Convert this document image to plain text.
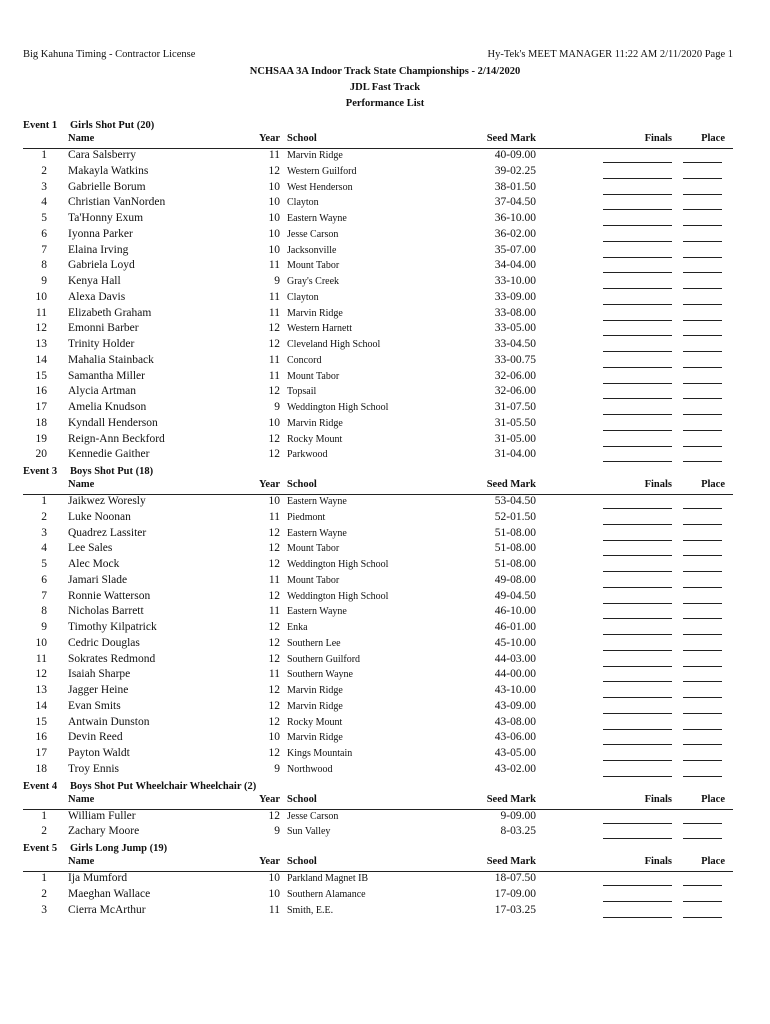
Big Kahuna Timing - Contractor License	Hy-Tek's MEET MANAGER 11:22 AM 2/11/2020 Page 1
NCHSAA 3A Indoor Track State Championships - 2/14/2020
JDL Fast Track
Performance List
Event 1 Girls Shot Put (20)
Name	Year School	Seed Mark	Finals	Place
1 Cara Salsberry	11 Marvin Ridge	40-09.00
2 Makayla Watkins	12 Western Guilford	39-02.25
3 Gabrielle Borum	10 West Henderson	38-01.50
4 Christian VanNorden	10 Clayton	37-04.50
5 Ta'Honny Exum	10 Eastern Wayne	36-10.00
6 Iyonna Parker	10 Jesse Carson	36-02.00
7 Elaina Irving	10 Jacksonville	35-07.00
8 Gabriela Loyd	11 Mount Tabor	34-04.00
9 Kenya Hall	9 Gray's Creek	33-10.00
10 Alexa Davis	11 Clayton	33-09.00
11 Elizabeth Graham	11 Marvin Ridge	33-08.00
12 Emonni Barber	12 Western Harnett	33-05.00
13 Trinity Holder	12 Cleveland High School	33-04.50
14 Mahalia Stainback	11 Concord	33-00.75
15 Samantha Miller	11 Mount Tabor	32-06.00
16 Alycia Artman	12 Topsail	32-06.00
17 Amelia Knudson	9 Weddington High School	31-07.50
18 Kyndall Henderson	10 Marvin Ridge	31-05.50
19 Reign-Ann Beckford	12 Rocky Mount	31-05.00
20 Kennedie Gaither	12 Parkwood	31-04.00
Event 3 Boys Shot Put (18)
Name	Year School	Seed Mark	Finals	Place
1 Jaikwez Woresly	10 Eastern Wayne	53-04.50
2 Luke Noonan	11 Piedmont	52-01.50
3 Quadrez Lassiter	12 Eastern Wayne	51-08.00
4 Lee Sales	12 Mount Tabor	51-08.00
5 Alec Mock	12 Weddington High School	51-08.00
6 Jamari Slade	11 Mount Tabor	49-08.00
7 Ronnie Watterson	12 Weddington High School	49-04.50
8 Nicholas Barrett	11 Eastern Wayne	46-10.00
9 Timothy Kilpatrick	12 Enka	46-01.00
10 Cedric Douglas	12 Southern Lee	45-10.00
11 Sokrates Redmond	12 Southern Guilford	44-03.00
12 Isaiah Sharpe	11 Southern Wayne	44-00.00
13 Jagger Heine	12 Marvin Ridge	43-10.00
14 Evan Smits	12 Marvin Ridge	43-09.00
15 Antwain Dunston	12 Rocky Mount	43-08.00
16 Devin Reed	10 Marvin Ridge	43-06.00
17 Payton Waldt	12 Kings Mountain	43-05.00
18 Troy Ennis	9 Northwood	43-02.00
Event 4 Boys Shot Put Wheelchair Wheelchair (2)
Name	Year School	Seed Mark	Finals	Place
1 William Fuller	12 Jesse Carson	9-09.00
2 Zachary Moore	9 Sun Valley	8-03.25
Event 5 Girls Long Jump (19)
Name	Year School	Seed Mark	Finals	Place
1 Ija Mumford	10 Parkland Magnet IB	18-07.50
2 Maeghan Wallace	10 Southern Alamance	17-09.00
3 Cierra McArthur	11 Smith, E.E.	17-03.25
